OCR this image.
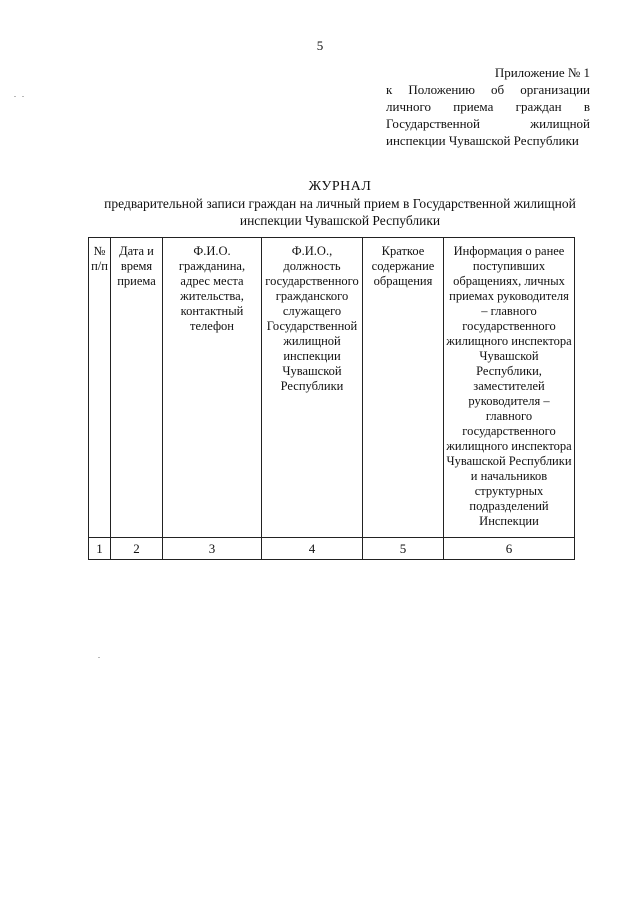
5
Приложение № 1
к Положению об организации личного приема граждан в Государственной жилищной инспекции Чувашской Республики
ЖУРНАЛ
предварительной записи граждан на личный прием в Государственной жилищной
инспекции Чувашской Республики
№ п/п	Дата и время приема	Ф.И.О. гражданина, адрес места жительства, контактный телефон	Ф.И.О., должность государственного гражданского служащего Государственной жилищной инспекции Чувашской Республики	Краткое содержание обращения	Информация о ранее поступивших обращениях, личных приемах руководителя – главного государственного жилищного инспектора Чувашской Республики, заместителей руководителя – главного государственного жилищного инспектора Чувашской Республики и начальников структурных подразделений Инспекции
1	2	3	4	5	6
